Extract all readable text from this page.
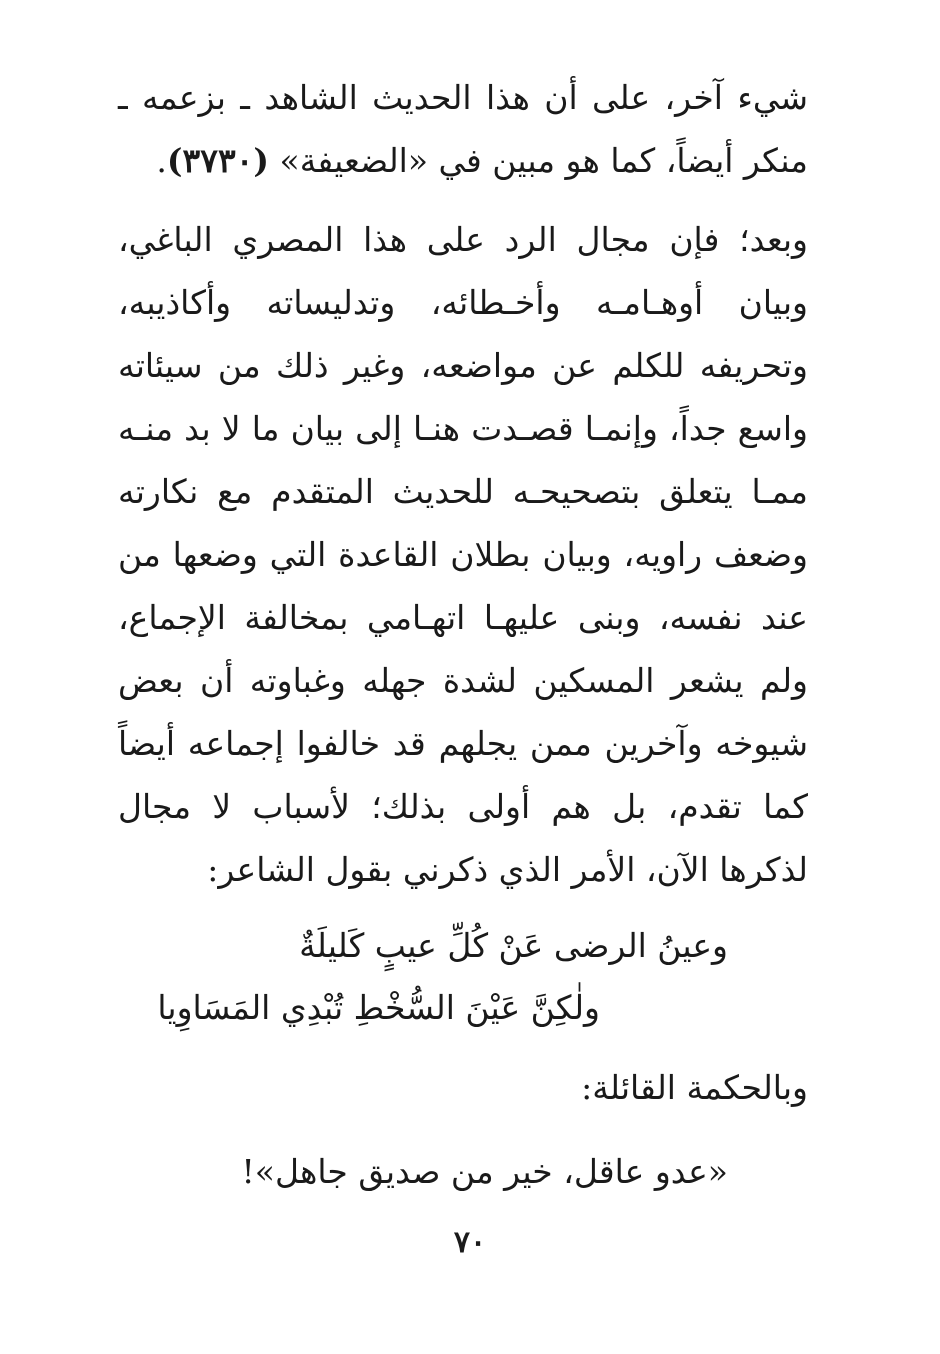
شيء آخر، على أن هذا الحديث الشاهد ـ بزعمه ـ منكر أيضاً، كما هو مبين في «الضعيفة» (٣٧٣٠).

وبعد؛ فإن مجال الرد على هذا المصري الباغي، وبيان أوهـامـه وأخـطائه، وتدليساته وأكاذيبه، وتحريفه للكلم عن مواضعه، وغير ذلك من سيئاته واسع جداً، وإنمـا قصـدت هنـا إلى بيان ما لا بد منـه ممـا يتعلق بتصحيحـه للحديث المتقدم مع نكارته وضعف راويه، وبيان بطلان القاعدة التي وضعها من عند نفسه، وبنى عليهـا اتهـامي بمخالفة الإجماع، ولم يشعر المسكين لشدة جهله وغباوته أن بعض شيوخه وآخرين ممن يجلهم قد خالفوا إجماعه أيضاً كما تقدم، بل هم أولى بذلك؛ لأسباب لا مجال لذكرها الآن، الأمر الذي ذكرني بقول الشاعر:

وعينُ الرضى عَنْ كُلِّ عيبٍ كَليلَةٌ
ولٰكِنَّ عَيْنَ السُّخْطِ تُبْدِي المَسَاوِيا
وبالحكمة القائلة:
«عدو عاقل، خير من صديق جاهل»!
٧٠
